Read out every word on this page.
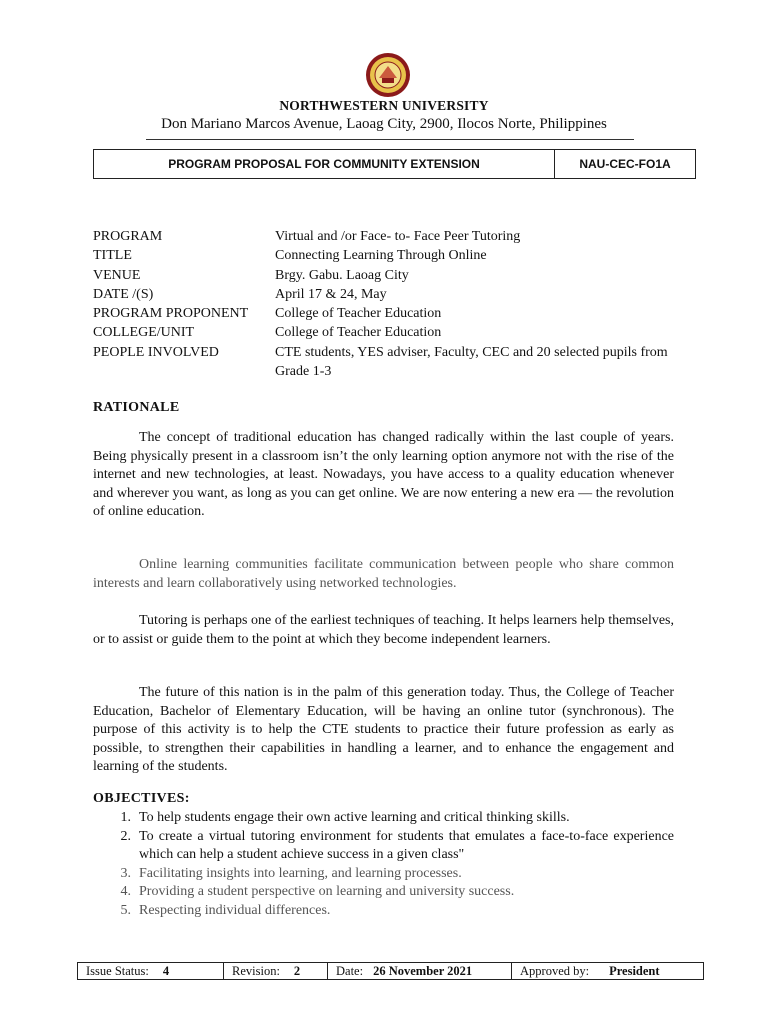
NORTHWESTERN UNIVERSITY
Don Mariano Marcos Avenue, Laoag City, 2900, Ilocos Norte, Philippines
PROGRAM PROPOSAL FOR COMMUNITY EXTENSION	NAU-CEC-FO1A
PROGRAM	Virtual and /or Face- to- Face Peer Tutoring
TITLE	Connecting Learning Through Online
VENUE	Brgy. Gabu. Laoag City
DATE /(S)	April 17 & 24, May
PROGRAM PROPONENT	College of Teacher Education
COLLEGE/UNIT	College of Teacher Education
PEOPLE INVOLVED	CTE students, YES adviser, Faculty, CEC and 20 selected pupils from Grade 1-3
RATIONALE

The concept of traditional education has changed radically within the last couple of years. Being physically present in a classroom isn’t the only learning option anymore not with the rise of the internet and new technologies, at least. Nowadays, you have access to a quality education whenever and wherever you want, as long as you can get online. We are now entering a new era — the revolution of online education.

Online learning communities facilitate communication between people who share common interests and learn collaboratively using networked technologies.

Tutoring is perhaps one of the earliest techniques of teaching. It helps learners help themselves, or to assist or guide them to the point at which they become independent learners.

The future of this nation is in the palm of this generation today. Thus, the College of Teacher Education, Bachelor of Elementary Education, will be having an online tutor (synchronous). The purpose of this activity is to help the CTE students to practice their future profession as early as possible, to strengthen their capabilities in handling a learner, and to enhance the engagement and learning of the students.

OBJECTIVES:
1. To help students engage their own active learning and critical thinking skills.
2. To create a virtual tutoring environment for students that emulates a face-to-face experience which can help a student achieve success in a given class"
3. Facilitating insights into learning, and learning processes.
4. Providing a student perspective on learning and university success.
5. Respecting individual differences.
Issue Status: 4	Revision: 2	Date: 26 November 2021	Approved by: President
